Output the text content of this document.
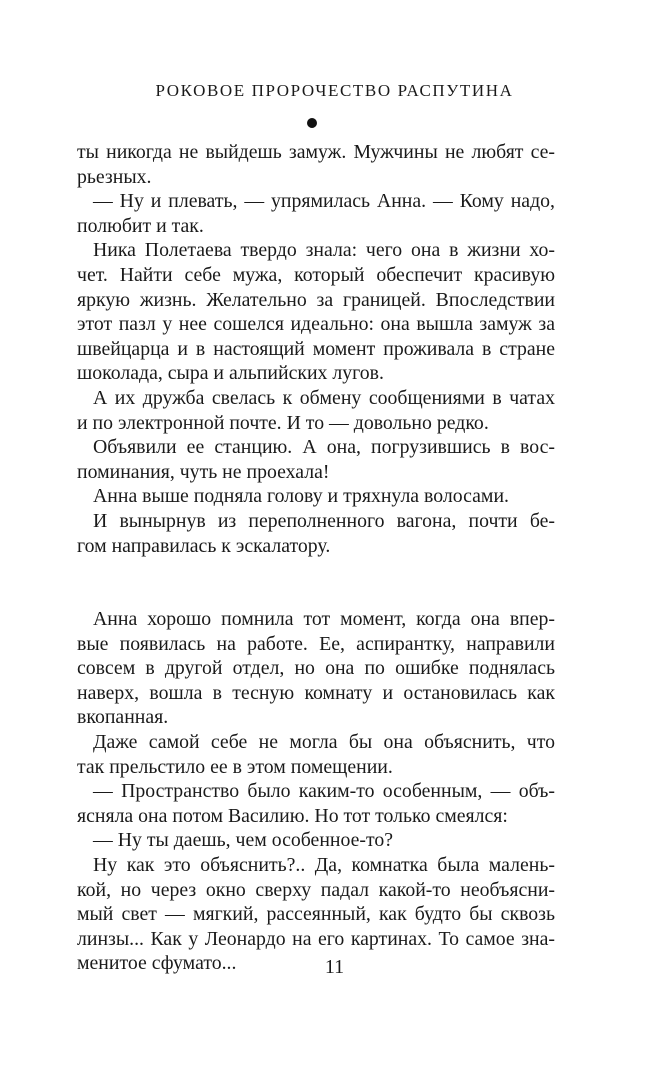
РОКОВОЕ ПРОРОЧЕСТВО РАСПУТИНА
ты никогда не выйдешь замуж. Мужчины не любят се-
рьезных.
— Ну и плевать, — упрямилась Анна. — Кому надо,
полюбит и так.
Ника Полетаева твердо знала: чего она в жизни хо-
чет. Найти себе мужа, который обеспечит красивую
яркую жизнь. Желательно за границей. Впоследствии
этот пазл у нее сошелся идеально: она вышла замуж за
швейцарца и в настоящий момент проживала в стране
шоколада, сыра и альпийских лугов.
А их дружба свелась к обмену сообщениями в чатах
и по электронной почте. И то — довольно редко.
Объявили ее станцию. А она, погрузившись в вос-
поминания, чуть не проехала!
Анна выше подняла голову и тряхнула волосами.
И вынырнув из переполненного вагона, почти бе-
гом направилась к эскалатору.
Анна хорошо помнила тот момент, когда она впер-
вые появилась на работе. Ее, аспирантку, направили
совсем в другой отдел, но она по ошибке поднялась
наверх, вошла в тесную комнату и остановилась как
вкопанная.
Даже самой себе не могла бы она объяснить, что
так прельстило ее в этом помещении.
— Пространство было каким-то особенным, — объ-
ясняла она потом Василию. Но тот только смеялся:
— Ну ты даешь, чем особенное-то?
Ну как это объяснить?.. Да, комнатка была малень-
кой, но через окно сверху падал какой-то необъясни-
мый свет — мягкий, рассеянный, как будто бы сквозь
линзы... Как у Леонардо на его картинах. То самое зна-
менитое сфумато...	11
